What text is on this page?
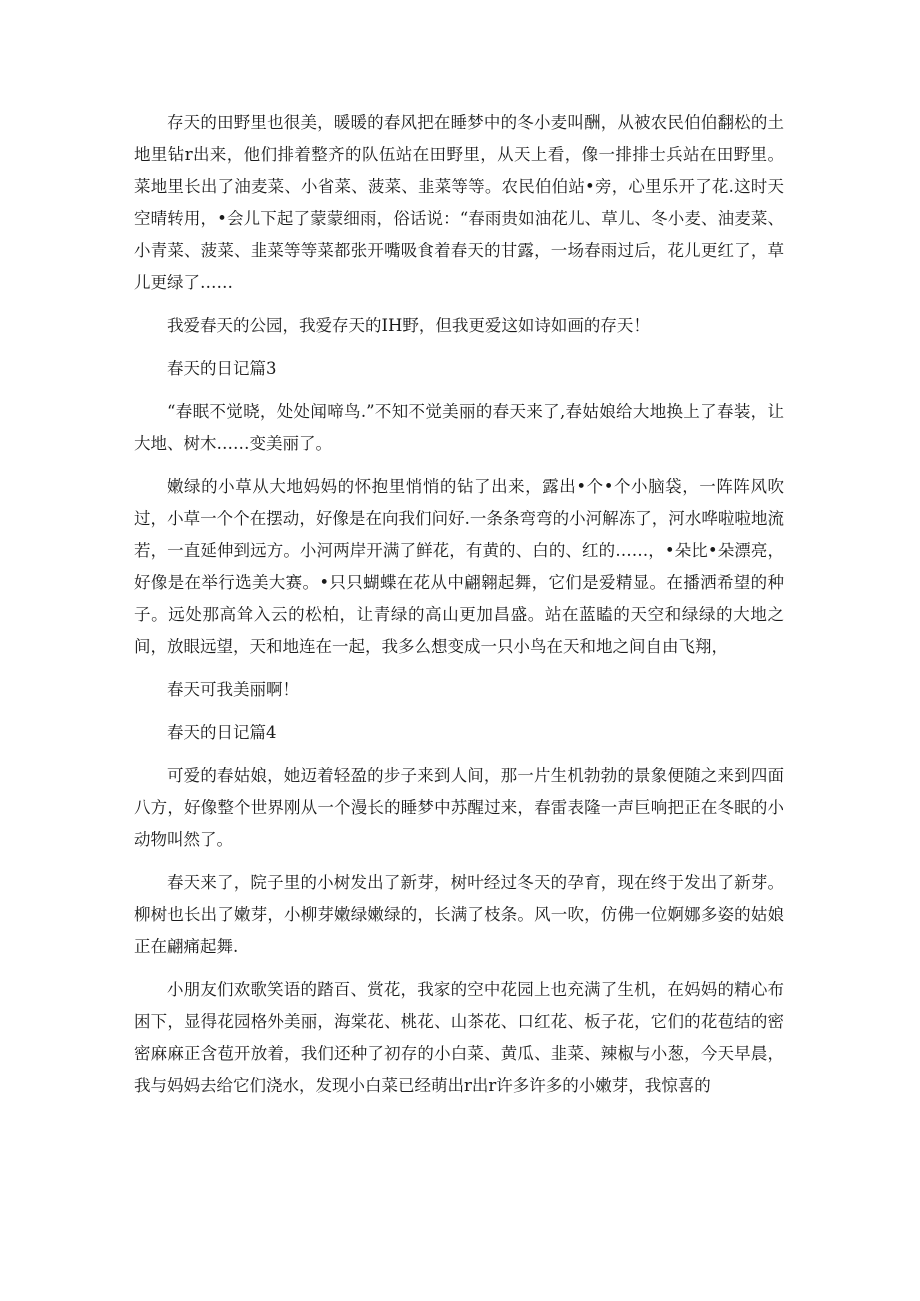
存天的田野里也很美，暖暖的春风把在睡梦中的冬小麦叫酬，从被农民伯伯翻松的土地里钻r出来，他们排着整齐的队伍站在田野里，从天上看，像一排排士兵站在田野里。菜地里长出了油麦菜、小省菜、菠菜、韭菜等等。农民伯伯站•旁，心里乐开了花.这时天空晴转用，•会儿下起了蒙蒙细雨，俗话说：“春雨贵如油花儿、草儿、冬小麦、油麦菜、小青菜、菠菜、韭菜等等菜都张开嘴吸食着春天的甘露，一场春雨过后，花儿更红了，草儿更绿了……

我爱春天的公园，我爱存天的IH野，但我更爱这如诗如画的存天！

春天的日记篇3

“春眠不觉晓，处处闻啼鸟.”不知不觉美丽的春天来了,春姑娘给大地换上了春装，让大地、树木……变美丽了。

嫩绿的小草从大地妈妈的怀抱里悄悄的钻了出来，露出•个•个小脑袋，一阵阵风吹过，小草一个个在摆动，好像是在向我们问好.一条条弯弯的小河解冻了，河水哗啦啦地流若，一直延伸到远方。小河两岸开满了鲜花，有黄的、白的、红的……，•朵比•朵漂亮，好像是在举行选美大赛。•只只蝴蝶在花从中翩翱起舞，它们是爱精显。在播洒希望的种子。远处那高耸入云的松柏，让青绿的高山更加昌盛。站在蓝瞌的天空和绿绿的大地之间，放眼远望，天和地连在一起，我多么想变成一只小鸟在天和地之间自由飞翔，

春天可我美丽啊！

春天的日记篇4

可爱的春姑娘，她迈着轻盈的步子来到人间，那一片生机勃勃的景象便随之来到四面八方，好像整个世界刚从一个漫长的睡梦中苏醒过来，春雷表隆一声巨响把正在冬眠的小动物叫然了。

春天来了，院子里的小树发出了新芽，树叶经过冬天的孕育，现在终于发出了新芽。柳树也长出了嫩芽，小柳芽嫩绿嫩绿的，长满了枝条。风一吹，仿佛一位婀娜多姿的姑娘正在翩痛起舞.

小朋友们欢歌笑语的踏百、赏花，我家的空中花园上也充满了生机，在妈妈的精心布困下，显得花园格外美丽，海棠花、桃花、山茶花、口红花、板子花，它们的花苞结的密密麻麻正含苞开放着，我们还种了初存的小白菜、黄瓜、韭菜、辣椒与小葱，今天早晨，我与妈妈去给它们浇水，发现小白菜已经萌出r出r许多许多的小嫩芽，我惊喜的
